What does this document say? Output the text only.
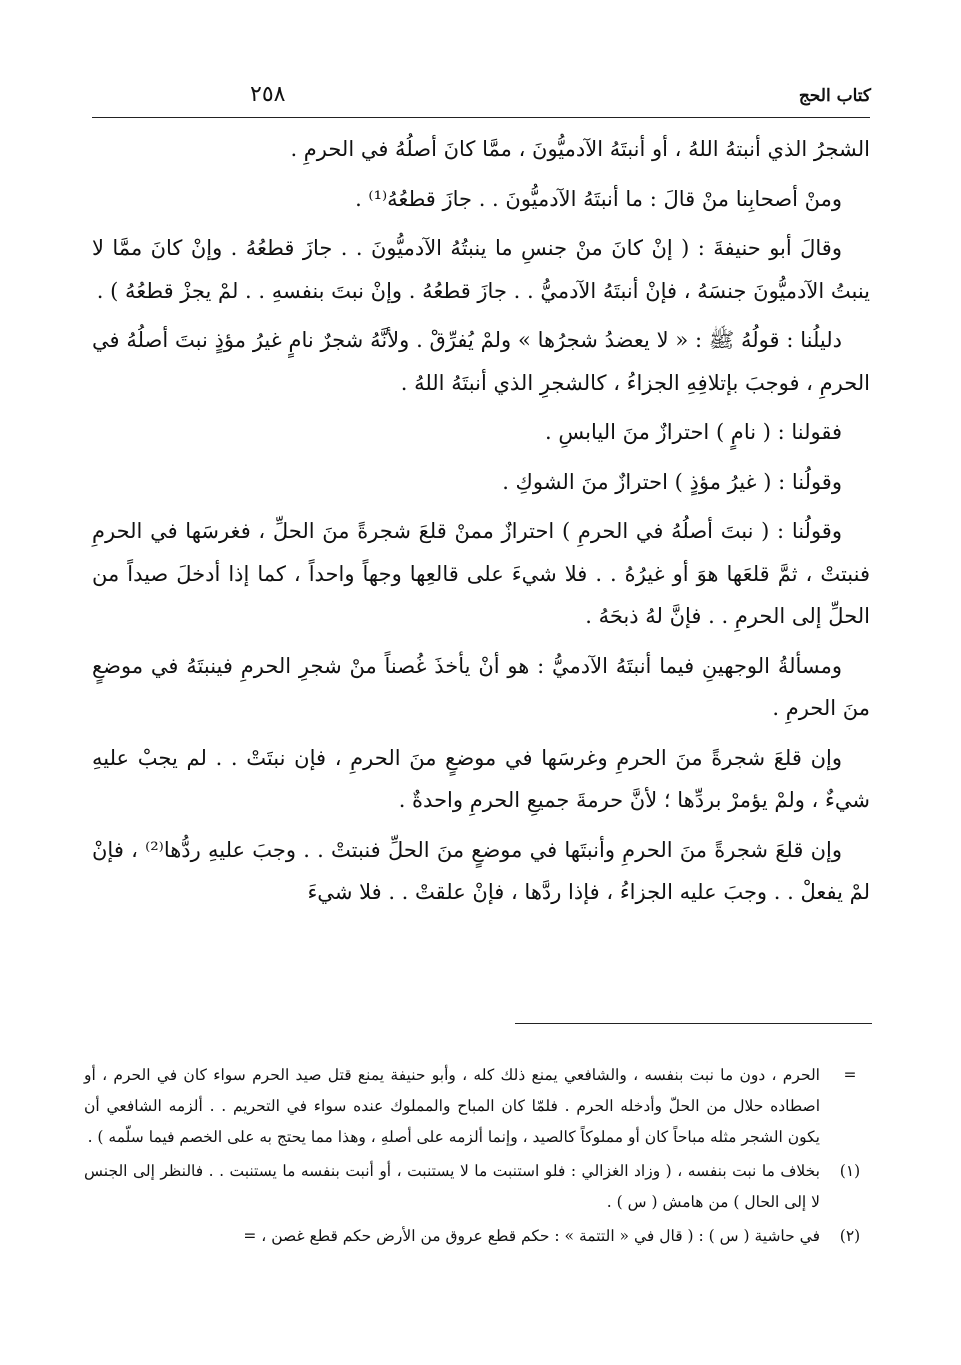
كتاب الحج
٢٥٨

الشجرُ الذي أنبتهُ اللهُ ، أو أنبتَهُ الآدميُّونَ ، ممَّا كانَ أصلُهُ في الحرمِ .

ومنْ أصحابِنا منْ قالَ : ما أنبتَهُ الآدميُّونَ . . جازَ قطعُهُ⁽¹⁾ .

وقالَ أبو حنيفةَ : ( إنْ كانَ منْ جنسِ ما ينبتُهُ الآدميُّونَ . . جازَ قطعُهُ . وإنْ كانَ ممَّا لا ينبتُ الآدميُّونَ جنسَهُ ، فإنْ أنبتَهُ الآدميُّ . . جازَ قطعُهُ . وإنْ نبتَ بنفسهِ . . لمْ يجزْ قطعُهُ ) .

دليلُنا : قولُهُ ﷺ : « لا يعضدُ شجرُها » ولمْ يُفرِّقْ . ولأنَّهُ شجرٌ نامٍ غيرُ مؤذٍ نبتَ أصلُهُ في الحرمِ ، فوجبَ بإتلافِهِ الجزاءُ ، كالشجرِ الذي أنبتَهُ اللهُ .

فقولنا : ( نامٍ ) احترازٌ منَ اليابسِ .

وقولُنا : ( غيرُ مؤذٍ ) احترازٌ منَ الشوكِ .

وقولُنا : ( نبتَ أصلُهُ في الحرمِ ) احترازٌ ممنْ قلعَ شجرةً منَ الحلِّ ، فغرسَها في الحرمِ فنبتتْ ، ثمَّ قلعَها هوَ أو غيرُهُ . . فلا شيءَ على قالعِها وجهاً واحداً ، كما إذا أدخلَ صيداً من الحلِّ إلى الحرمِ . . فإنَّ لهُ ذبحَهُ .

ومسألةُ الوجهينِ فيما أنبتَهُ الآدميُّ : هو أنْ يأخذَ غُصناً منْ شجرِ الحرمِ فينبتَهُ في موضعٍ منَ الحرمِ .

وإن قلعَ شجرةً منَ الحرمِ وغرسَها في موضعٍ منَ الحرمِ ، فإن نبتَتْ . . لم يجبْ عليهِ شيءٌ ، ولمْ يؤمرْ بردِّها ؛ لأنَّ حرمةَ جميعِ الحرمِ واحدةٌ .

وإن قلعَ شجرةً منَ الحرمِ وأنبتَها في موضعٍ منَ الحلِّ فنبتتْ . . وجبَ عليهِ ردُّها⁽²⁾ ، فإنْ لمْ يفعلْ . . وجبَ عليه الجزاءُ ، فإذا ردَّها ، فإنْ علقتْ . . فلا شيءَ

=
الحرم ، دون ما نبت بنفسه ، والشافعي يمنع ذلك كله ، وأبو حنيفة يمنع قتل صيد الحرم سواء كان في الحرم ، أو اصطاده حلال من الحلّ وأدخله الحرم . فلمّا كان المباح والمملوك عنده سواء في التحريم . . ألزمه الشافعي أن يكون الشجر مثله مباحاً كان أو مملوكاً كالصيد ، وإنما ألزمه على أصلهِ ، وهذا مما يحتج به على الخصم فيما سلّمه ) .
(١)
بخلاف ما نبت بنفسه ، ( وزاد الغزالي : فلو استنبت ما لا يستنبت ، أو أنبت بنفسه ما يستنبت . . فالنظر إلى الجنس لا إلى الحال ) من هامش ( س ) .
(٢)
في حاشية ( س ) : ( قال في « التتمة » : حكم قطع عروق من الأرض حكم قطع غصن ، =
